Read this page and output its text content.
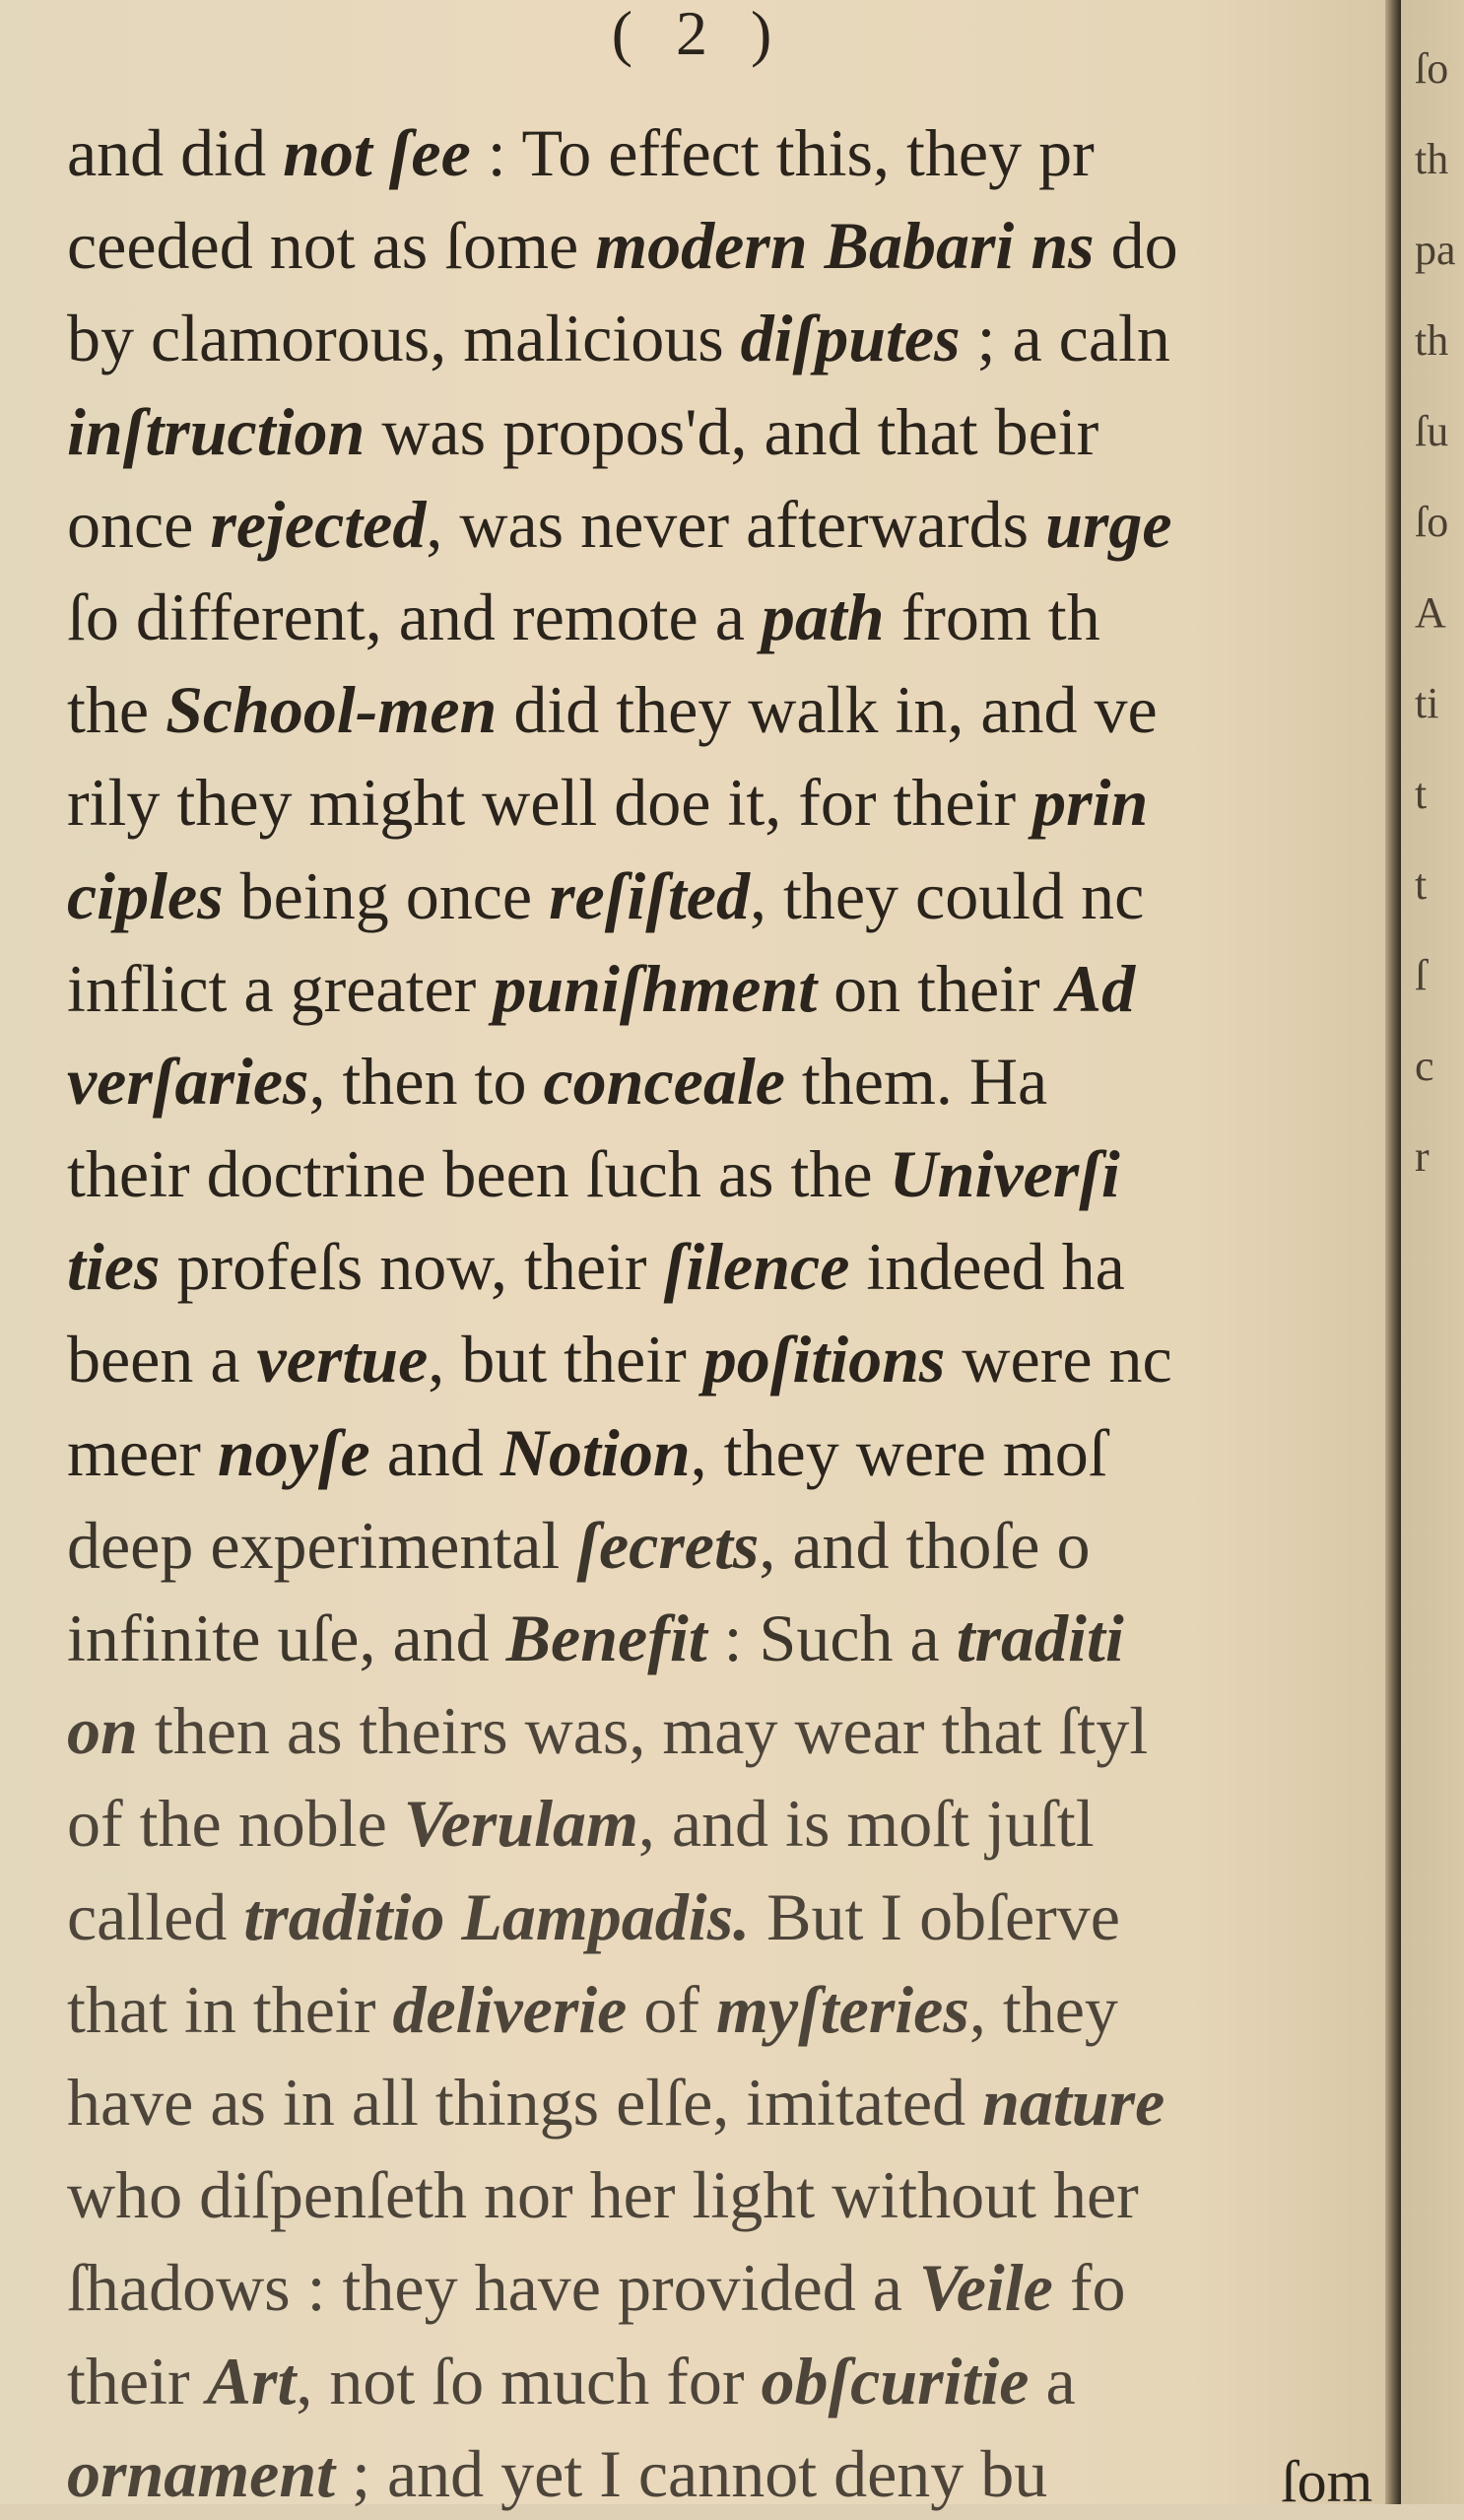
( 2 )
and did not ſee : To effect this, they pr
ceeded not as ſome modern Babari ns do
by clamorous, malicious diſputes ; a caln
inſtruction was propos'd, and that beir
once rejected, was never afterwards urge
ſo different, and remote a path from th
the School-men did they walk in, and ve
rily they might well doe it, for their prin
ciples being once reſiſted, they could nc
inflict a greater puniſhment on their Ad
verſaries, then to conceale them. Ha
their doctrine been ſuch as the Univerſi
ties profeſs now, their ſilence indeed ha
been a vertue, but their poſitions were nc
meer noyſe and Notion, they were moſ
deep experimental ſecrets, and thoſe o
infinite uſe, and Benefit : Such a traditi
on then as theirs was, may wear that ſtyl
of the noble Verulam, and is moſt juſtl
called traditio Lampadis. But I obſerve
that in their deliverie of myſteries, they
have as in all things elſe, imitated nature
who diſpenſeth nor her light without her
ſhadows : they have provided a Veile fo
their Art, not ſo much for obſcuritie a
ornament ; and yet I cannot deny bu	ſom
ſo
th
pa
th
ſu
ſo
A
ti
t
t
ſ
c
r
